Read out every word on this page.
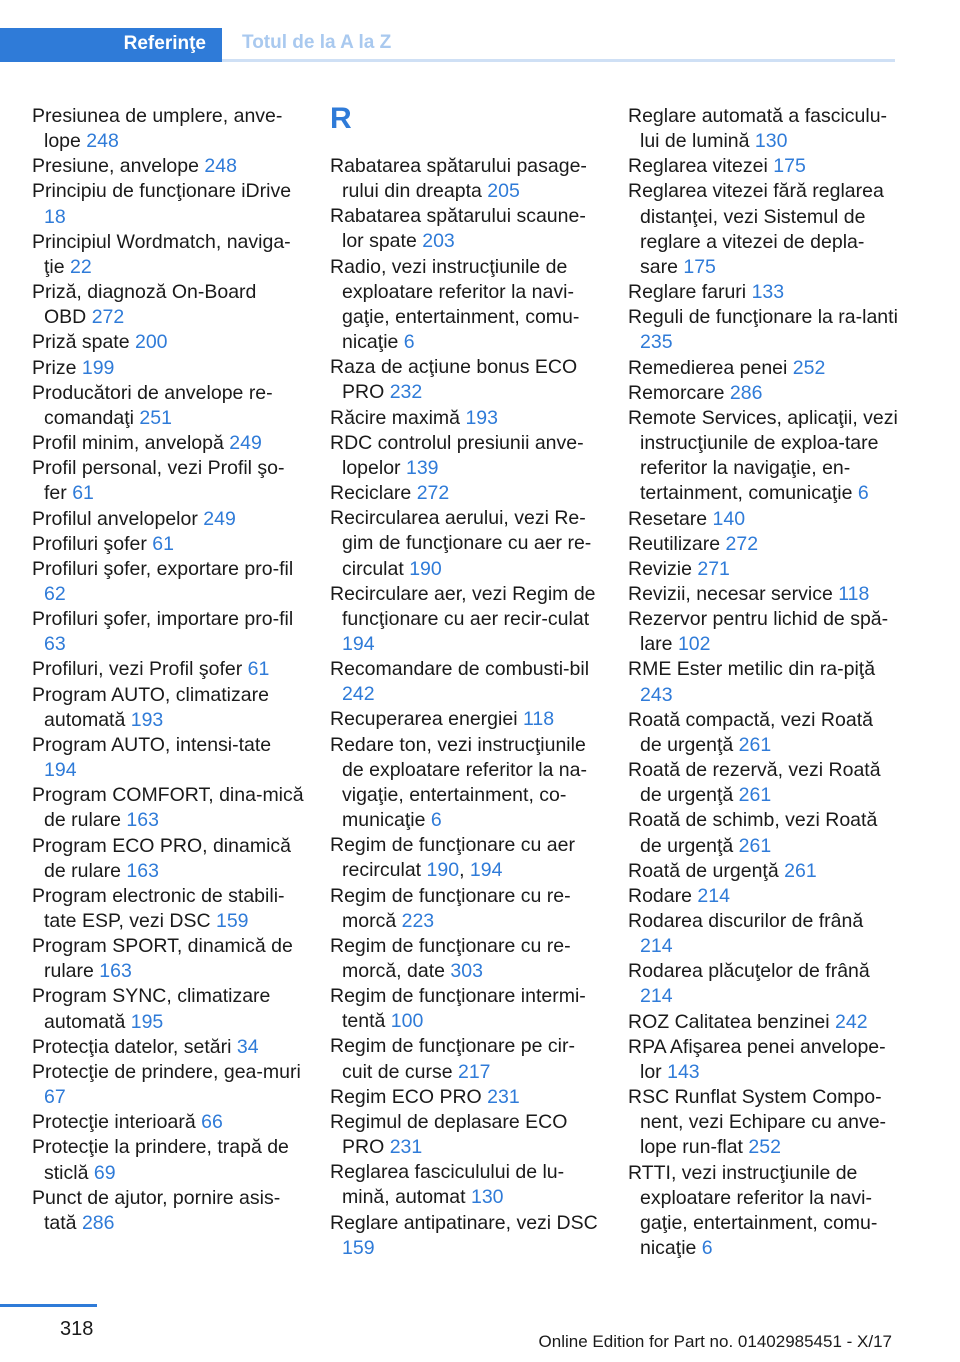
Referinţe	Totul de la A la Z
Presiunea de umplere, anve-lope 248
Presiune, anvelope 248
Principiu de funcţionare iDrive 18
Principiul Wordmatch, naviga-ţie 22
Priză, diagnoză On-Board OBD 272
Priză spate 200
Prize 199
Producători de anvelope re-comandaţi 251
Profil minim, anvelopă 249
Profil personal, vezi Profil şo-fer 61
Profilul anvelopelor 249
Profiluri şofer 61
Profiluri şofer, exportare pro-fil 62
Profiluri şofer, importare pro-fil 63
Profiluri, vezi Profil şofer 61
Program AUTO, climatizare automată 193
Program AUTO, intensi-tate 194
Program COMFORT, dina-mică de rulare 163
Program ECO PRO, dinamică de rulare 163
Program electronic de stabili-tate ESP, vezi DSC 159
Program SPORT, dinamică de rulare 163
Program SYNC, climatizare automată 195
Protecţia datelor, setări 34
Protecţie de prindere, gea-muri 67
Protecţie interioară 66
Protecţie la prindere, trapă de sticlă 69
Punct de ajutor, pornire asis-tată 286
R
Rabatarea spătarului pasage-rului din dreapta 205
Rabatarea spătarului scaune-lor spate 203
Radio, vezi instrucţiunile de exploatare referitor la navi-gaţie, entertainment, comu-nicaţie 6
Raza de acţiune bonus ECO PRO 232
Răcire maximă 193
RDC controlul presiunii anve-lopelor 139
Reciclare 272
Recircularea aerului, vezi Re-gim de funcţionare cu aer re-circulat 190
Recirculare aer, vezi Regim de funcţionare cu aer recir-culat 194
Recomandare de combusti-bil 242
Recuperarea energiei 118
Redare ton, vezi instrucţiunile de exploatare referitor la na-vigaţie, entertainment, co-municaţie 6
Regim de funcţionare cu aer recirculat 190, 194
Regim de funcţionare cu re-morcă 223
Regim de funcţionare cu re-morcă, date 303
Regim de funcţionare intermi-tentă 100
Regim de funcţionare pe cir-cuit de curse 217
Regim ECO PRO 231
Regimul de deplasare ECO PRO 231
Reglarea fasciculului de lu-mină, automat 130
Reglare antipatinare, vezi DSC 159
Reglare automată a fasciculu-lui de lumină 130
Reglarea vitezei 175
Reglarea vitezei fără reglarea distanţei, vezi Sistemul de reglare a vitezei de depla-sare 175
Reglare faruri 133
Reguli de funcţionare la ra-lanti 235
Remedierea penei 252
Remorcare 286
Remote Services, aplicaţii, vezi instrucţiunile de exploa-tare referitor la navigaţie, en-tertainment, comunicaţie 6
Resetare 140
Reutilizare 272
Revizie 271
Revizii, necesar service 118
Rezervor pentru lichid de spă-lare 102
RME Ester metilic din ra-piţă 243
Roată compactă, vezi Roată de urgenţă 261
Roată de rezervă, vezi Roată de urgenţă 261
Roată de schimb, vezi Roată de urgenţă 261
Roată de urgenţă 261
Rodare 214
Rodarea discurilor de frână 214
Rodarea plăcuţelor de frână 214
ROZ Calitatea benzinei 242
RPA Afişarea penei anvelope-lor 143
RSC Runflat System Compo-nent, vezi Echipare cu anve-lope run-flat 252
RTTI, vezi instrucţiunile de exploatare referitor la navi-gaţie, entertainment, comu-nicaţie 6
318
Online Edition for Part no. 01402985451 - X/17
